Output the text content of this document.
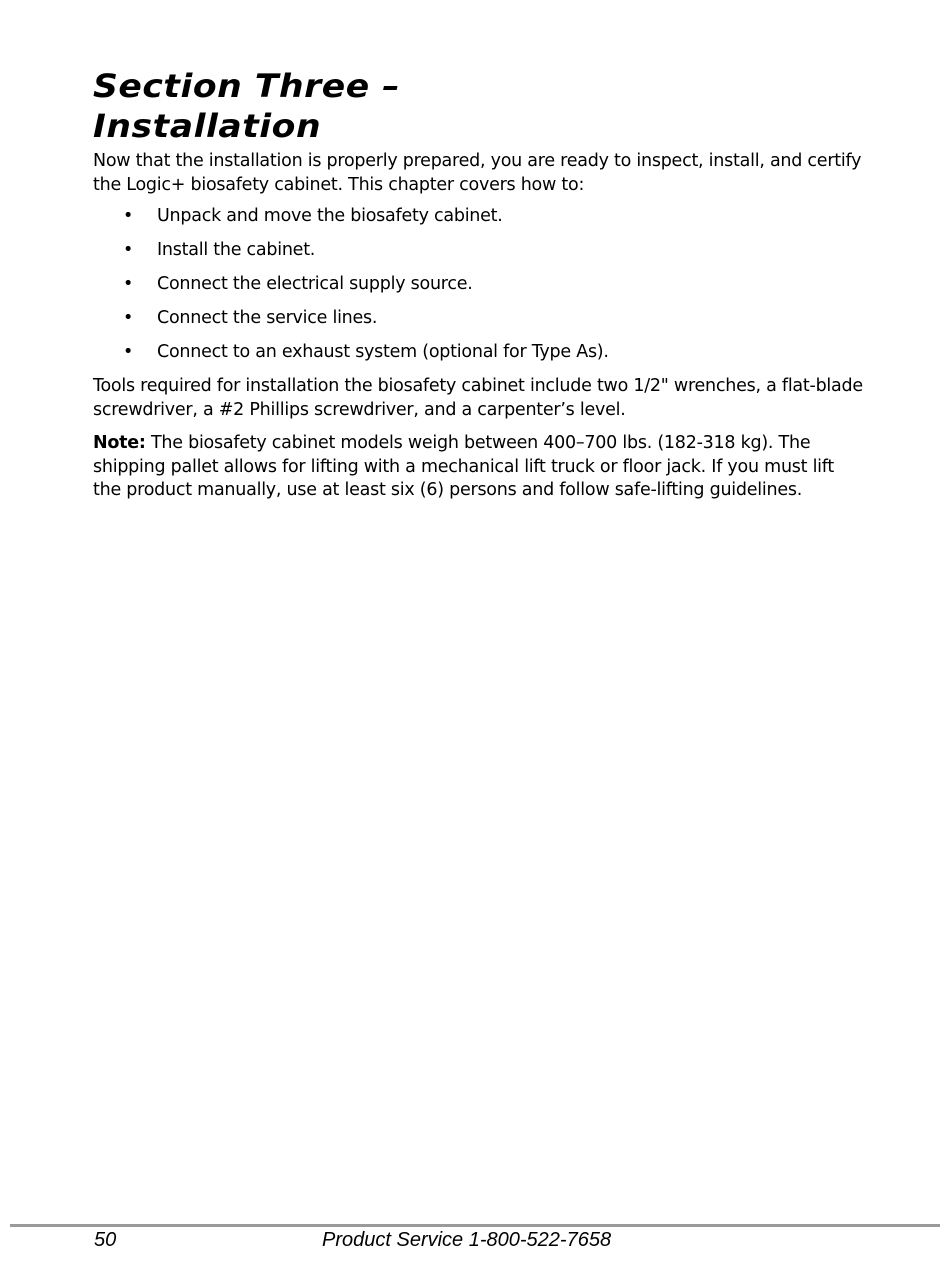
Section Three –
Installation

Now that the installation is properly prepared, you are ready to inspect, install, and certify the Logic+ biosafety cabinet. This chapter covers how to:

• Unpack and move the biosafety cabinet.
• Install the cabinet.
• Connect the electrical supply source.
• Connect the service lines.
• Connect to an exhaust system (optional for Type As).

Tools required for installation the biosafety cabinet include two 1/2" wrenches, a flat-blade screwdriver, a #2 Phillips screwdriver, and a carpenter’s level.

Note: The biosafety cabinet models weigh between 400–700 lbs. (182-318 kg). The shipping pallet allows for lifting with a mechanical lift truck or floor jack. If you must lift the product manually, use at least six (6) persons and follow safe-lifting guidelines.

50	Product Service 1-800-522-7658
